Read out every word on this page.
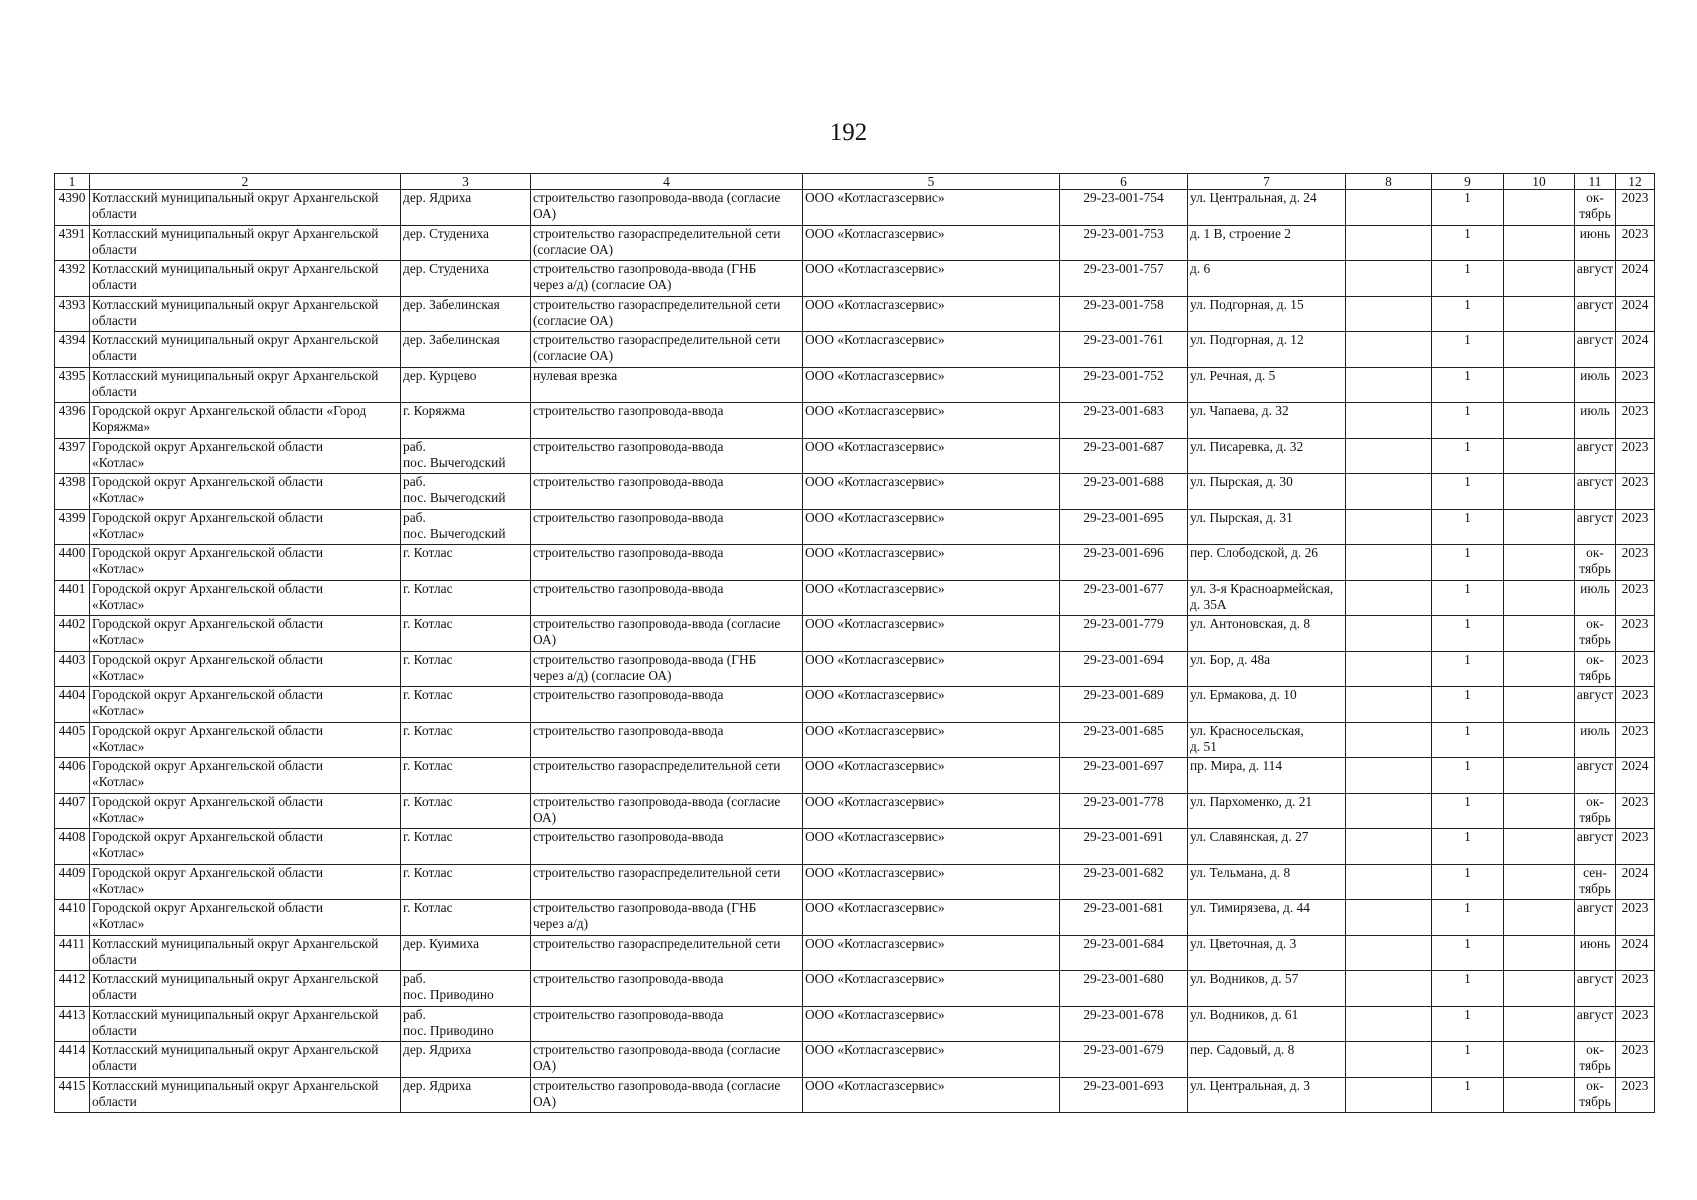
192
1	2	3	4	5	6	7	8	9	10	11	12
4390	Котласский муниципальный округ Архангельской
области	дер. Ядриха	строительство газопровода-ввода (согласие
ОА)	ООО «Котласгазсервис»	29-23-001-754	ул. Центральная, д. 24		1		ок-
тябрь	2023
4391	Котласский муниципальный округ Архангельской
области	дер. Студениха	строительство газораспределительной сети
(согласие ОА)	ООО «Котласгазсервис»	29-23-001-753	д. 1 В, строение 2		1		июнь	2023
4392	Котласский муниципальный округ Архангельской
области	дер. Студениха	строительство газопровода-ввода (ГНБ
через а/д) (согласие ОА)	ООО «Котласгазсервис»	29-23-001-757	д. 6		1		август	2024
4393	Котласский муниципальный округ Архангельской
области	дер. Забелинская	строительство газораспределительной сети
(согласие ОА)	ООО «Котласгазсервис»	29-23-001-758	ул. Подгорная, д. 15		1		август	2024
4394	Котласский муниципальный округ Архангельской
области	дер. Забелинская	строительство газораспределительной сети
(согласие ОА)	ООО «Котласгазсервис»	29-23-001-761	ул. Подгорная, д. 12		1		август	2024
4395	Котласский муниципальный округ Архангельской
области	дер. Курцево	нулевая врезка	ООО «Котласгазсервис»	29-23-001-752	ул. Речная, д. 5		1		июль	2023
4396	Городской округ Архангельской области «Город
Коряжма»	г. Коряжма	строительство газопровода-ввода	ООО «Котласгазсервис»	29-23-001-683	ул. Чапаева, д. 32		1		июль	2023
4397	Городской округ Архангельской области
«Котлас»	раб.
пос. Вычегодский	строительство газопровода-ввода	ООО «Котласгазсервис»	29-23-001-687	ул. Писаревка, д. 32		1		август	2023
4398	Городской округ Архангельской области
«Котлас»	раб.
пос. Вычегодский	строительство газопровода-ввода	ООО «Котласгазсервис»	29-23-001-688	ул. Пырская, д. 30		1		август	2023
4399	Городской округ Архангельской области
«Котлас»	раб.
пос. Вычегодский	строительство газопровода-ввода	ООО «Котласгазсервис»	29-23-001-695	ул. Пырская, д. 31		1		август	2023
4400	Городской округ Архангельской области
«Котлас»	г. Котлас	строительство газопровода-ввода	ООО «Котласгазсервис»	29-23-001-696	пер. Слободской, д. 26		1		ок-
тябрь	2023
4401	Городской округ Архангельской области
«Котлас»	г. Котлас	строительство газопровода-ввода	ООО «Котласгазсервис»	29-23-001-677	ул. 3-я Красноармейская,
д. 35А		1		июль	2023
4402	Городской округ Архангельской области
«Котлас»	г. Котлас	строительство газопровода-ввода (согласие
ОА)	ООО «Котласгазсервис»	29-23-001-779	ул. Антоновская, д. 8		1		ок-
тябрь	2023
4403	Городской округ Архангельской области
«Котлас»	г. Котлас	строительство газопровода-ввода (ГНБ
через а/д) (согласие ОА)	ООО «Котласгазсервис»	29-23-001-694	ул. Бор, д. 48а		1		ок-
тябрь	2023
4404	Городской округ Архангельской области
«Котлас»	г. Котлас	строительство газопровода-ввода	ООО «Котласгазсервис»	29-23-001-689	ул. Ермакова, д. 10		1		август	2023
4405	Городской округ Архангельской области
«Котлас»	г. Котлас	строительство газопровода-ввода	ООО «Котласгазсервис»	29-23-001-685	ул. Красносельская,
д. 51		1		июль	2023
4406	Городской округ Архангельской области
«Котлас»	г. Котлас	строительство газораспределительной сети	ООО «Котласгазсервис»	29-23-001-697	пр. Мира, д. 114		1		август	2024
4407	Городской округ Архангельской области
«Котлас»	г. Котлас	строительство газопровода-ввода (согласие
ОА)	ООО «Котласгазсервис»	29-23-001-778	ул. Пархоменко, д. 21		1		ок-
тябрь	2023
4408	Городской округ Архангельской области
«Котлас»	г. Котлас	строительство газопровода-ввода	ООО «Котласгазсервис»	29-23-001-691	ул. Славянская, д. 27		1		август	2023
4409	Городской округ Архангельской области
«Котлас»	г. Котлас	строительство газораспределительной сети	ООО «Котласгазсервис»	29-23-001-682	ул. Тельмана, д. 8		1		сен-
тябрь	2024
4410	Городской округ Архангельской области
«Котлас»	г. Котлас	строительство газопровода-ввода (ГНБ
через а/д)	ООО «Котласгазсервис»	29-23-001-681	ул. Тимирязева, д. 44		1		август	2023
4411	Котласский муниципальный округ Архангельской
области	дер. Куимиха	строительство газораспределительной сети	ООО «Котласгазсервис»	29-23-001-684	ул. Цветочная, д. 3		1		июнь	2024
4412	Котласский муниципальный округ Архангельской
области	раб.
пос. Приводино	строительство газопровода-ввода	ООО «Котласгазсервис»	29-23-001-680	ул. Водников, д. 57		1		август	2023
4413	Котласский муниципальный округ Архангельской
области	раб.
пос. Приводино	строительство газопровода-ввода	ООО «Котласгазсервис»	29-23-001-678	ул. Водников, д. 61		1		август	2023
4414	Котласский муниципальный округ Архангельской
области	дер. Ядриха	строительство газопровода-ввода (согласие
ОА)	ООО «Котласгазсервис»	29-23-001-679	пер. Садовый, д. 8		1		ок-
тябрь	2023
4415	Котласский муниципальный округ Архангельской
области	дер. Ядриха	строительство газопровода-ввода (согласие
ОА)	ООО «Котласгазсервис»	29-23-001-693	ул. Центральная, д. 3		1		ок-
тябрь	2023
